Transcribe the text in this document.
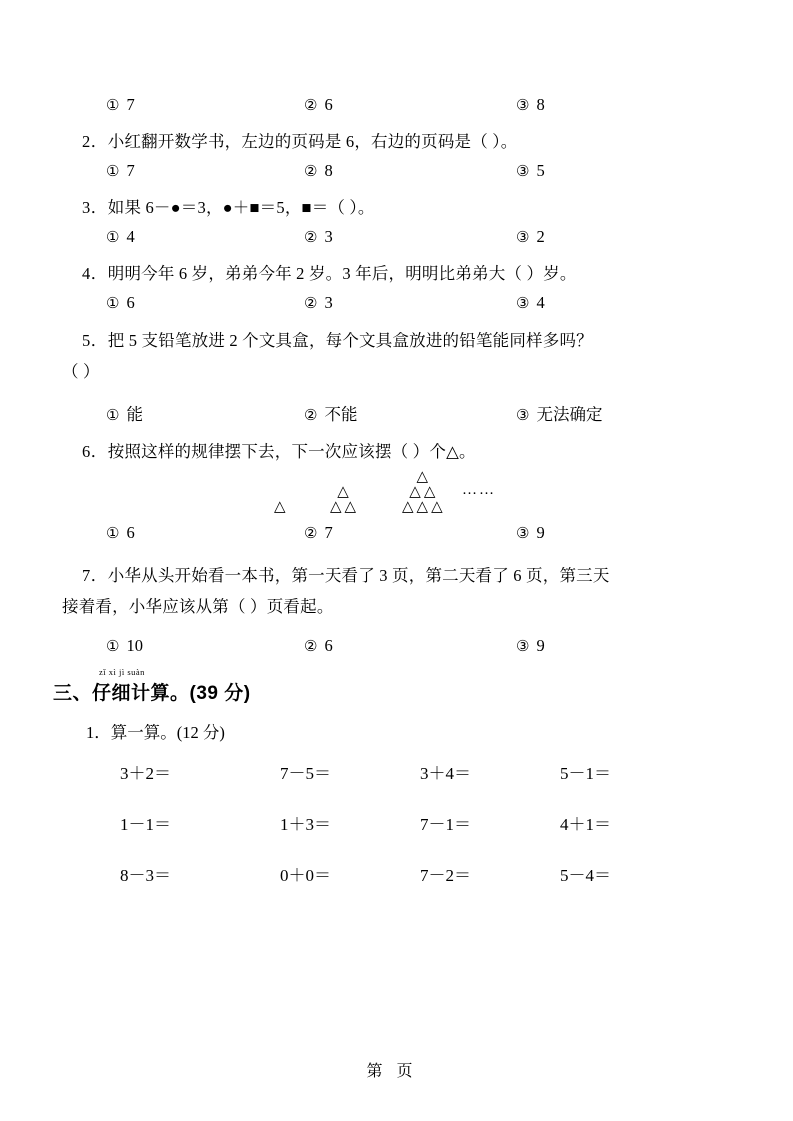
① 7	② 6	③ 8
2．小红翻开数学书，左边的页码是 6，右边的页码是（ ）。
① 7	② 8	③ 5
3．如果 6－●＝3，●＋■＝5，■＝（ ）。
① 4	② 3	③ 2
4．明明今年 6 岁，弟弟今年 2 岁。3 年后，明明比弟弟大（ ）岁。
① 6	② 3	③ 4
5．把 5 支铅笔放进 2 个文具盒，每个文具盒放进的铅笔能同样多吗？
（ ）
① 能	② 不能	③ 无法确定
6．按照这样的规律摆下去，下一次应该摆（ ）个△。
△
△
△ △
△
△ △
△ △ △
……
① 6	② 7	③ 9
7．小华从头开始看一本书，第一天看了 3 页，第二天看了 6 页，第三天
接着看，小华应该从第（ ）页看起。
① 10	② 6	③ 9
三、仔细计算。(39 分)
zǐ xì jì suàn
1．算一算。(12 分)
3＋2＝	7－5＝	3＋4＝	5－1＝
1－1＝	1＋3＝	7－1＝	4＋1＝
8－3＝	0＋0＝	7－2＝	5－4＝
第页
